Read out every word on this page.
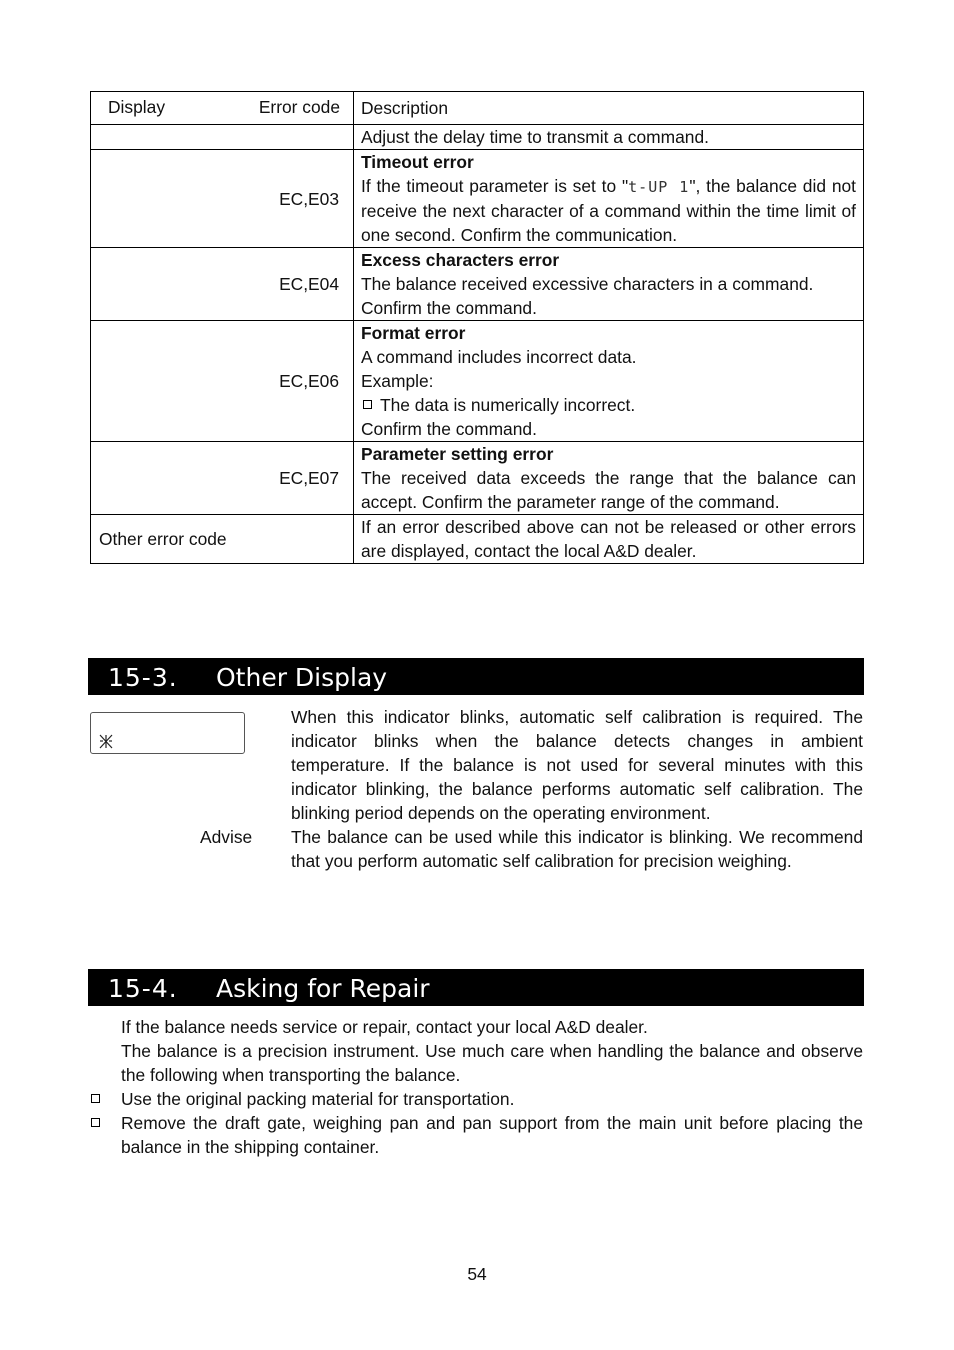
Display Error code	Description
	Adjust the delay time to transmit a command.

EC,E03	Timeout error
If the timeout parameter is set to "t-UP 1", the balance did not receive the next character of a command within the time limit of one second. Confirm the communication.

EC,E04	Excess characters error
The balance received excessive characters in a command.
Confirm the command.

EC,E06	Format error
A command includes incorrect data.
Example:
The data is numerically incorrect.
Confirm the command.

EC,E07	Parameter setting error
The received data exceeds the range that the balance can accept. Confirm the parameter range of the command.

Other error code	If an error described above can not be released or other errors are displayed, contact the local A&D dealer.
15-3. Other Display
When this indicator blinks, automatic self calibration is required. The indicator blinks when the balance detects changes in ambient temperature. If the balance is not used for several minutes with this indicator blinking, the balance performs automatic self calibration. The blinking period depends on the operating environment.
Advise The balance can be used while this indicator is blinking. We recommend that you perform automatic self calibration for precision weighing.
15-4. Asking for Repair
If the balance needs service or repair, contact your local A&D dealer.
The balance is a precision instrument. Use much care when handling the balance and observe the following when transporting the balance.
Use the original packing material for transportation.
Remove the draft gate, weighing pan and pan support from the main unit before placing the balance in the shipping container.
54
